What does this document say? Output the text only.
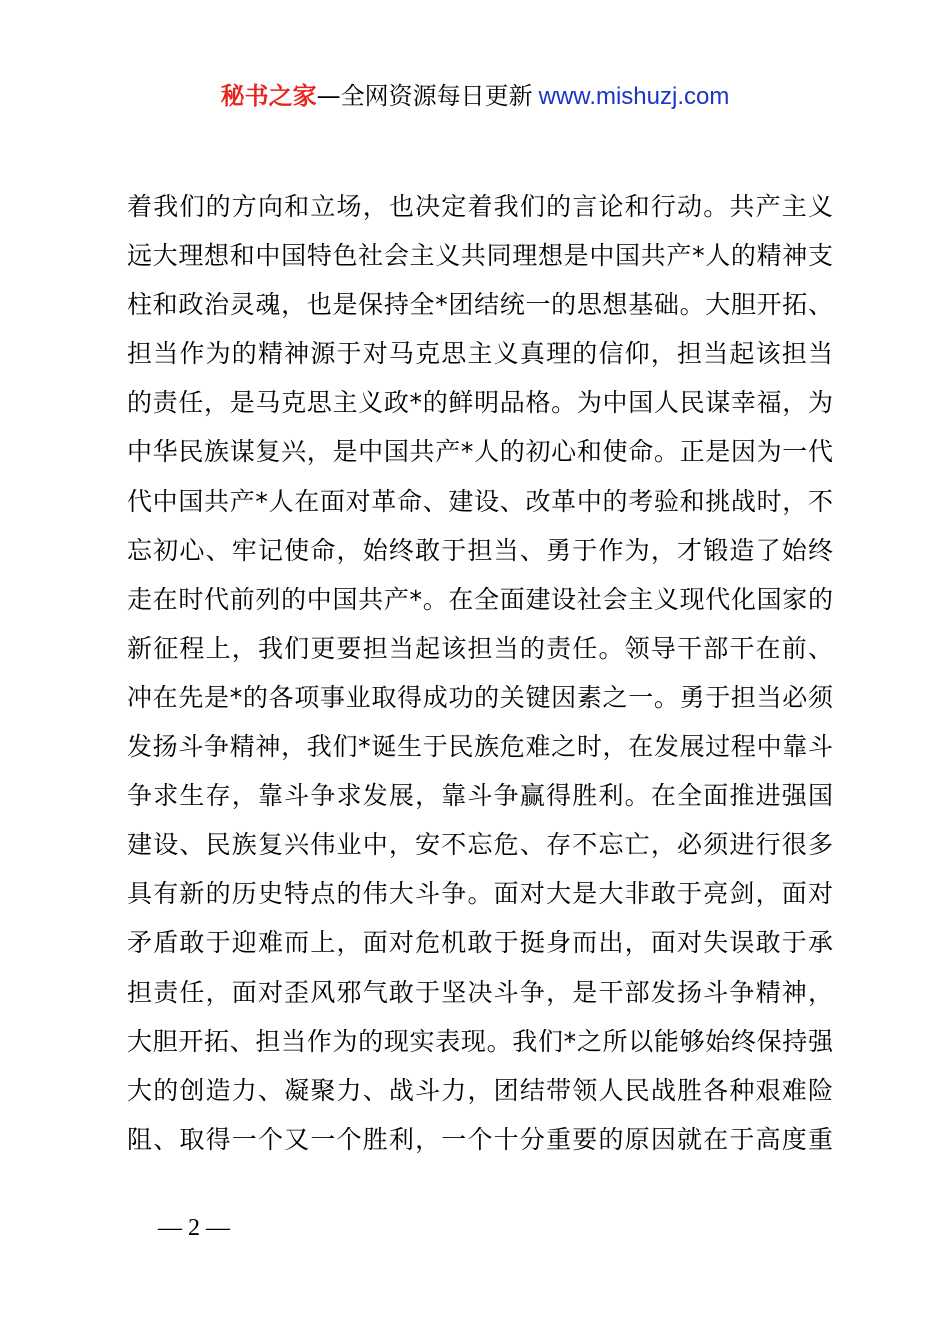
秘书之家—全网资源每日更新 www.mishuzj.com
着我们的方向和立场，也决定着我们的言论和行动。共产主义
远大理想和中国特色社会主义共同理想是中国共产*人的精神支
柱和政治灵魂，也是保持全*团结统一的思想基础。大胆开拓、
担当作为的精神源于对马克思主义真理的信仰，担当起该担当
的责任，是马克思主义政*的鲜明品格。为中国人民谋幸福，为
中华民族谋复兴，是中国共产*人的初心和使命。正是因为一代
代中国共产*人在面对革命、建设、改革中的考验和挑战时，不
忘初心、牢记使命，始终敢于担当、勇于作为，才锻造了始终
走在时代前列的中国共产*。在全面建设社会主义现代化国家的
新征程上，我们更要担当起该担当的责任。领导干部干在前、
冲在先是*的各项事业取得成功的关键因素之一。勇于担当必须
发扬斗争精神，我们*诞生于民族危难之时，在发展过程中靠斗
争求生存，靠斗争求发展，靠斗争赢得胜利。在全面推进强国
建设、民族复兴伟业中，安不忘危、存不忘亡，必须进行很多
具有新的历史特点的伟大斗争。面对大是大非敢于亮剑，面对
矛盾敢于迎难而上，面对危机敢于挺身而出，面对失误敢于承
担责任，面对歪风邪气敢于坚决斗争，是干部发扬斗争精神，
大胆开拓、担当作为的现实表现。我们*之所以能够始终保持强
大的创造力、凝聚力、战斗力，团结带领人民战胜各种艰难险
阻、取得一个又一个胜利，一个十分重要的原因就在于高度重
— 2 —
